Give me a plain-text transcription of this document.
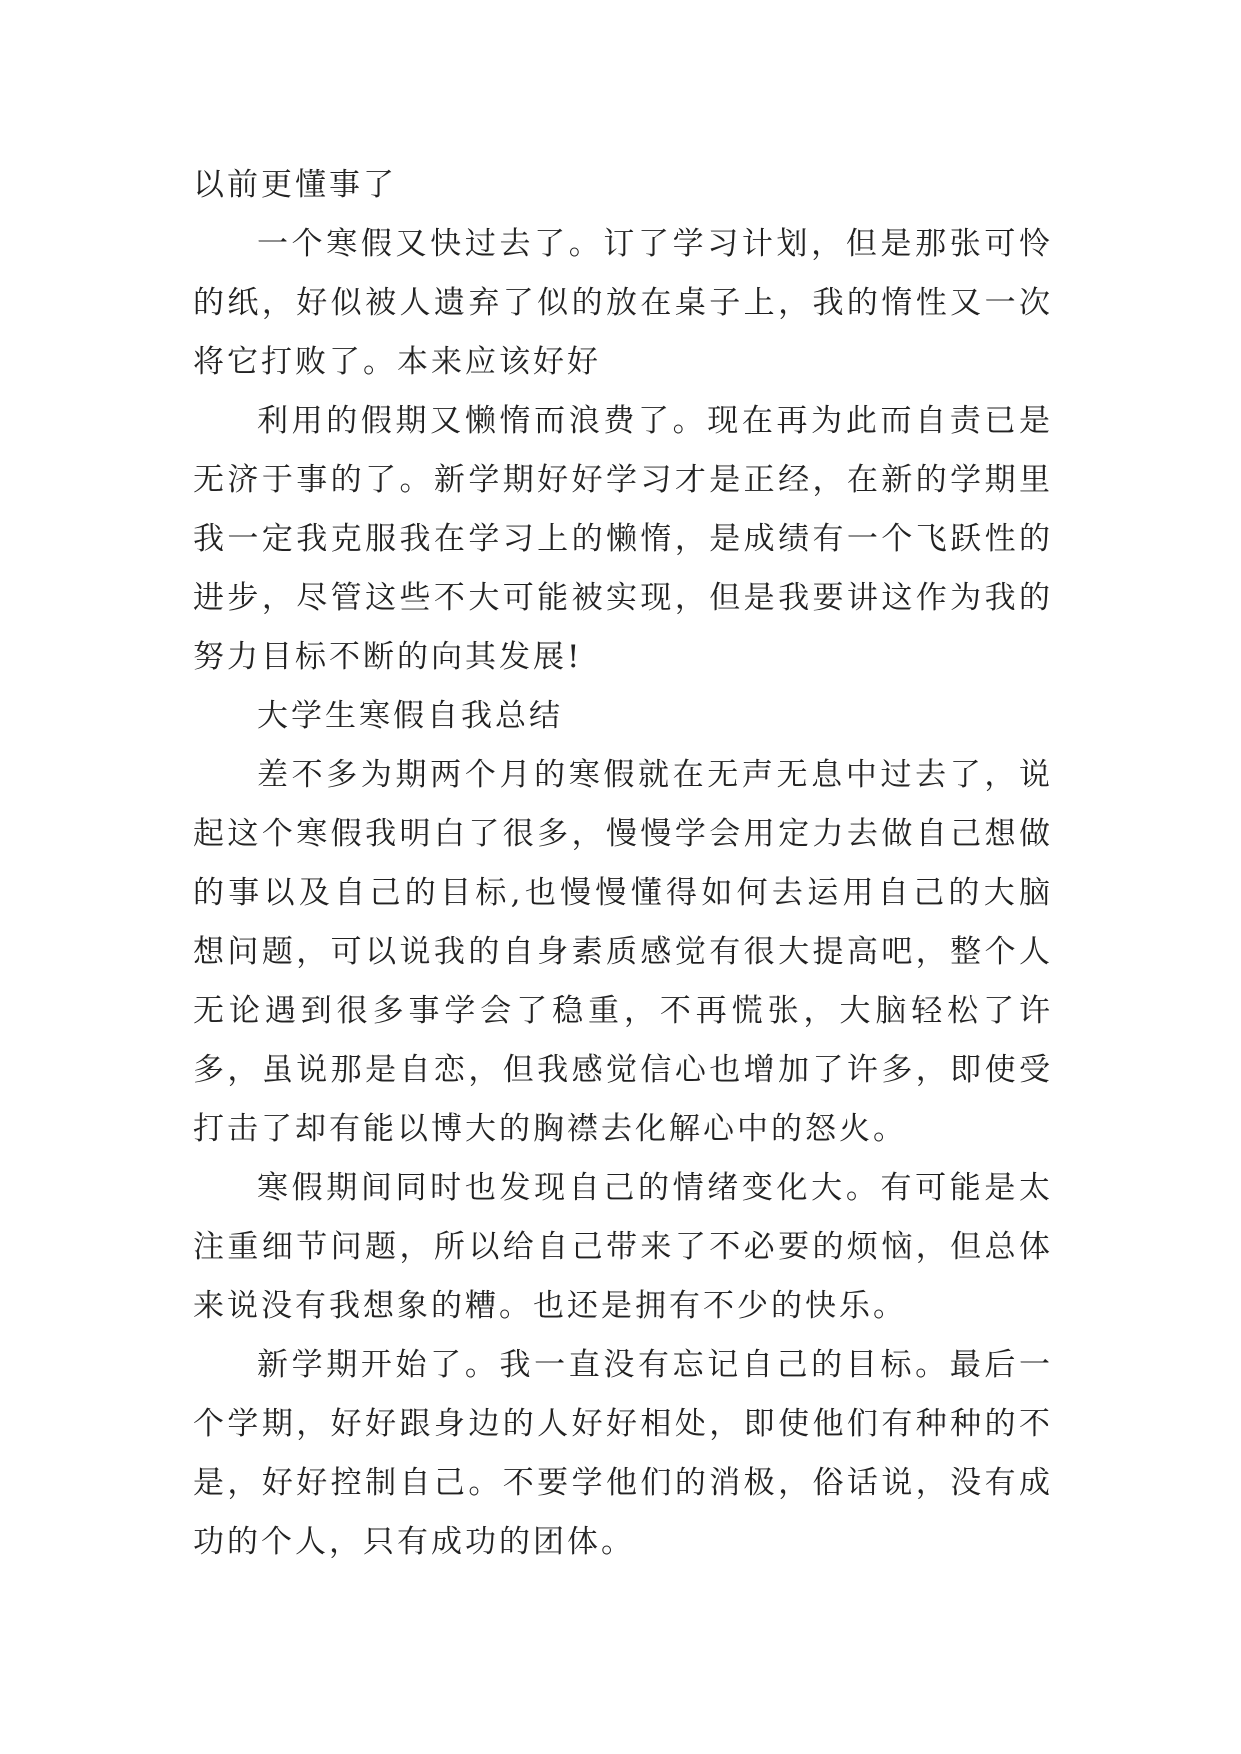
以前更懂事了

一个寒假又快过去了。订了学习计划，但是那张可怜的纸，好似被人遗弃了似的放在桌子上，我的惰性又一次将它打败了。本来应该好好

利用的假期又懒惰而浪费了。现在再为此而自责已是无济于事的了。新学期好好学习才是正经，在新的学期里我一定我克服我在学习上的懒惰，是成绩有一个飞跃性的进步，尽管这些不大可能被实现，但是我要讲这作为我的努力目标不断的向其发展!

大学生寒假自我总结

差不多为期两个月的寒假就在无声无息中过去了，说起这个寒假我明白了很多，慢慢学会用定力去做自己想做的事以及自己的目标,也慢慢懂得如何去运用自己的大脑想问题，可以说我的自身素质感觉有很大提高吧，整个人无论遇到很多事学会了稳重，不再慌张，大脑轻松了许多，虽说那是自恋，但我感觉信心也增加了许多，即使受打击了却有能以博大的胸襟去化解心中的怒火。

寒假期间同时也发现自己的情绪变化大。有可能是太注重细节问题，所以给自己带来了不必要的烦恼，但总体来说没有我想象的糟。也还是拥有不少的快乐。

新学期开始了。我一直没有忘记自己的目标。最后一个学期，好好跟身边的人好好相处，即使他们有种种的不是，好好控制自己。不要学他们的消极，俗话说，没有成功的个人，只有成功的团体。
